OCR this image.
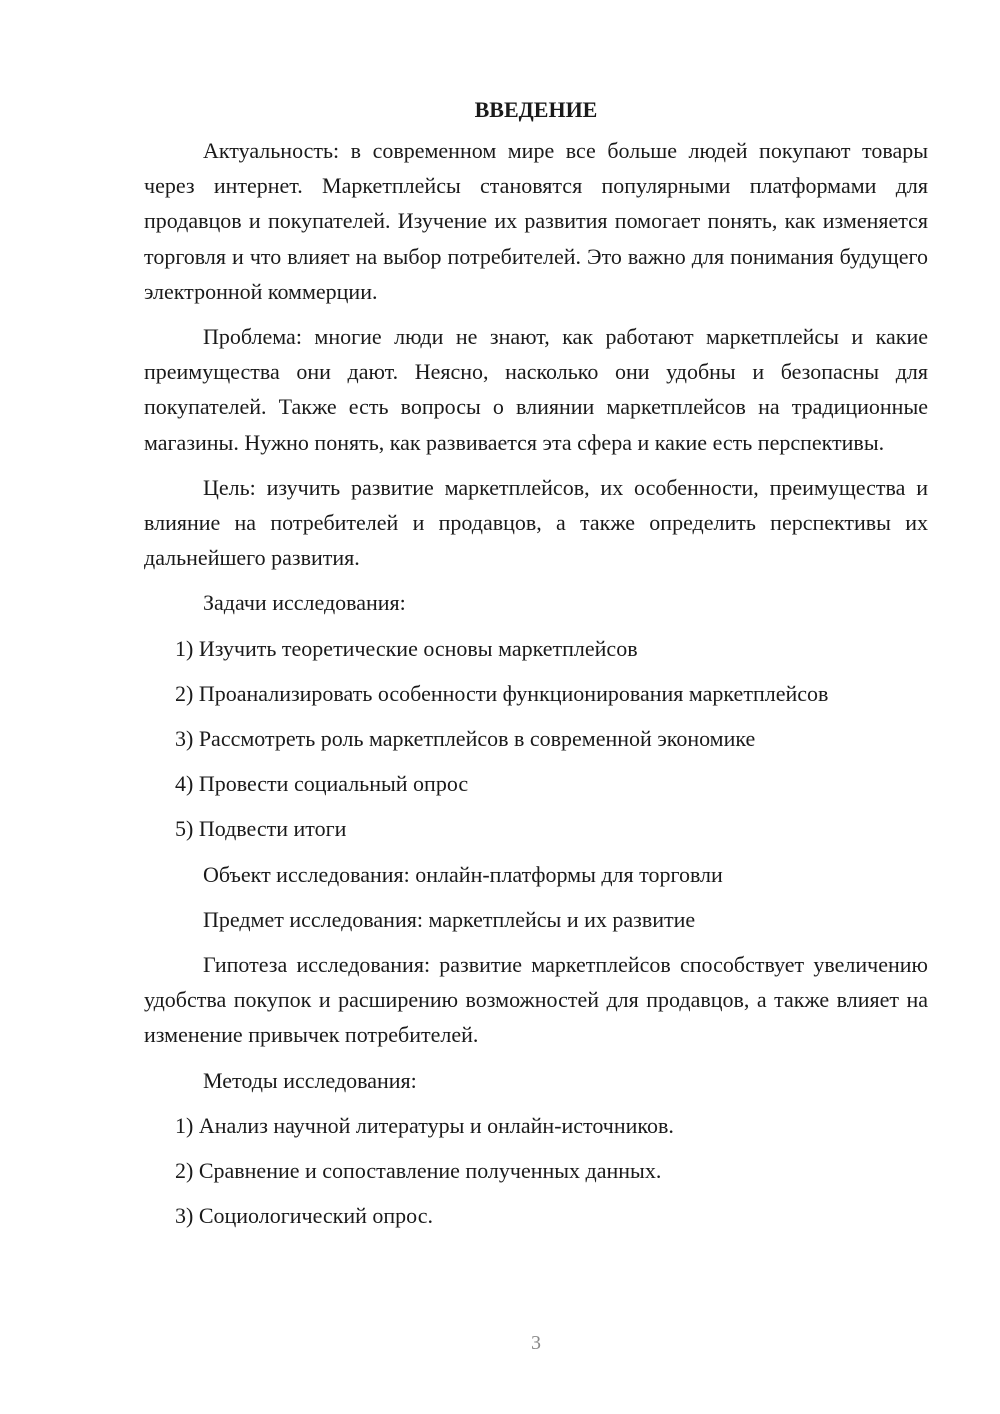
ВВЕДЕНИЕ

Актуальность: в современном мире все больше людей покупают товары через интернет. Маркетплейсы становятся популярными платформами для продавцов и покупателей. Изучение их развития помогает понять, как изменяется торговля и что влияет на выбор потребителей. Это важно для понимания будущего электронной коммерции.

Проблема: многие люди не знают, как работают маркетплейсы и какие преимущества они дают. Неясно, насколько они удобны и безопасны для покупателей. Также есть вопросы о влиянии маркетплейсов на традиционные магазины. Нужно понять, как развивается эта сфера и какие есть перспективы.

Цель: изучить развитие маркетплейсов, их особенности, преимущества и влияние на потребителей и продавцов, а также определить перспективы их дальнейшего развития.

Задачи исследования:
1) Изучить теоретические основы маркетплейсов
2) Проанализировать особенности функционирования маркетплейсов
3) Рассмотреть роль маркетплейсов в современной экономике
4) Провести социальный опрос
5) Подвести итоги
Объект исследования: онлайн-платформы для торговли
Предмет исследования: маркетплейсы и их развитие

Гипотеза исследования: развитие маркетплейсов способствует увеличению удобства покупок и расширению возможностей для продавцов, а также влияет на изменение привычек потребителей.

Методы исследования:
1) Анализ научной литературы и онлайн-источников.
2) Сравнение и сопоставление полученных данных.
3) Социологический опрос.
3
